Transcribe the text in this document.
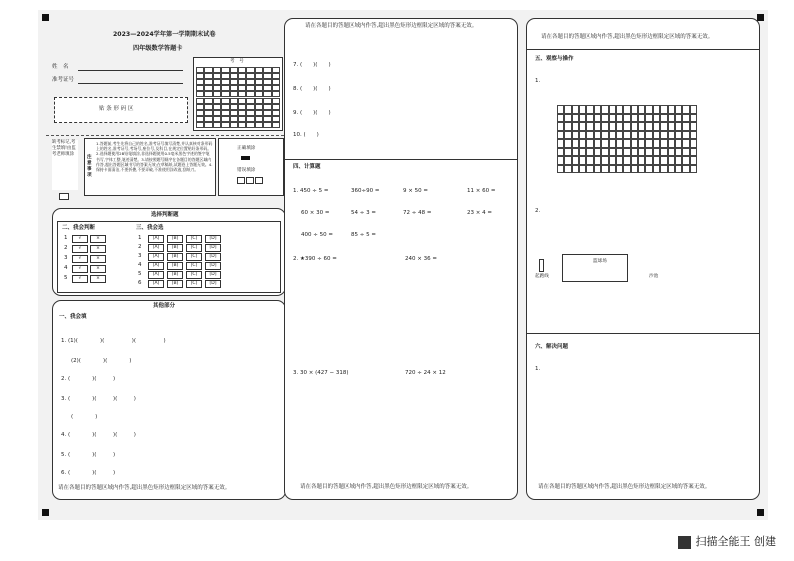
2023—2024学年第一学期期末试卷
四年级数学答题卡
姓　名
准考证号
贴 条 形 码 区
考　号
缺考标记,考生禁填!由监考老师填涂
注意事项
1.答题前,考生先将自己的姓名,准考证号填写清楚,并认真核对条形码上的姓名,准考证号,考场号,座位号,及科目,在规定位置贴好条形码。2.选择题使用2B铅笔填涂,非选择题使用0.5毫米黑色字迹的签字笔书写,字体工整,笔迹清楚。3.请按照题号顺序在各题目的答题区域内作答,超出答题区域书写的答案无效;在草稿纸,试题卷上答题无效。4.保持卡面清洁,不要折叠,不要弄破,不准使用涂改液,刮纸刀。
正确填涂
错误填涂
选择判断题
二、我会判断
1	√	×
2	√	×
3	√	×
4	√	×
5	√	×
三、我会选
1	[A]	[B]	[C]	[D]
2	[A]	[B]	[C]	[D]
3	[A]	[B]	[C]	[D]
4	[A]	[B]	[C]	[D]
5	[A]	[B]	[C]	[D]
6	[A]	[B]	[C]	[D]
其他部分
一、我会填
1. (1)(　　　　)(　　　　　)(　　　　　)
(2)(　　　　)(　　　　)
2. (　　　　)(　　　)
3. (　　　　)(　　　)(　　　)
(　　　　)
4. (　　　　)(　　　)(　　　)
5. (　　　　)(　　　)
6. (　　　　)(　　　)
请在各题目的答题区域内作答,超出黑色矩形边框限定区域的答案无效。
四、计算题
7. (　　)(　　)
8. (　　)(　　)
9. (　　)(　　)
10. (　　)
1. 450 ÷ 5 =	360÷90 =	9 × 50 =	11 × 60 =
60 × 30 =	54 ÷ 3 =	72 ÷ 48 =	23 × 4 =
400 ÷ 50 =	85 ÷ 5 =
2. ★390 ÷ 60 =	240 × 36 =
3. 30 × (427 − 318)	720 ÷ 24 × 12
请在各题目的答题区域内作答,超出黑色矩形边框限定区域的答案无效。
请在各题目的答题区域内作答,超出黑色矩形边框限定区域的答案无效。
五、观察与操作
1.
2.
起跑线
篮球场
沙池
六、解决问题
1.
请在各题目的答题区域内作答,超出黑色矩形边框限定区域的答案无效。
请在各题目的答题区域内作答,超出黑色矩形边框限定区域的答案无效。
扫描全能王 创建
